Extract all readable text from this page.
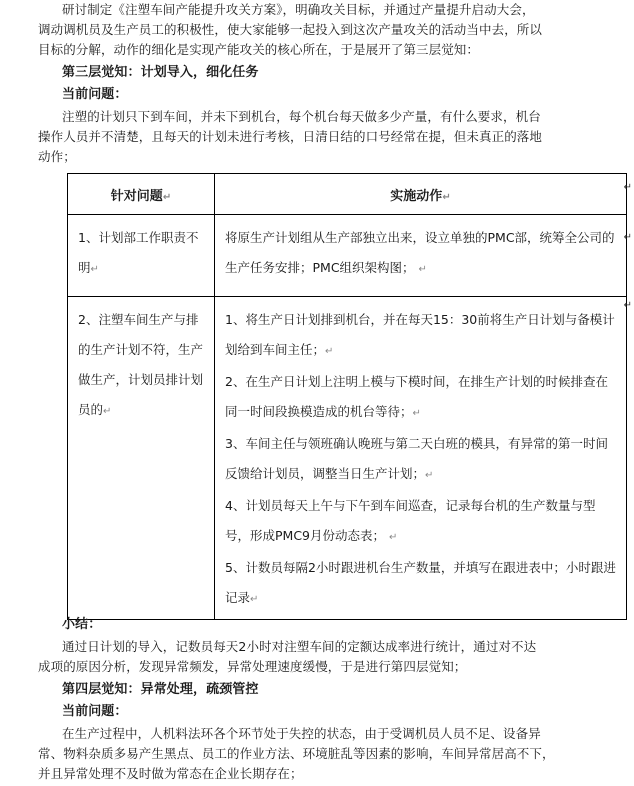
研讨制定《注塑车间产能提升攻关方案》，明确攻关目标，并通过产量提升启动大会，
调动调机员及生产员工的积极性，使大家能够一起投入到这次产量攻关的活动当中去，所以
目标的分解，动作的细化是实现产能攻关的核心所在，于是展开了第三层觉知：
第三层觉知：计划导入，细化任务
当前问题：
注塑的计划只下到车间，并未下到机台，每个机台每天做多少产量，有什么要求，机台
操作人员并不清楚，且每天的计划未进行考核，日清日结的口号经常在提，但未真正的落地
动作；
针对问题↵	实施动作↵

1、计划部工作职责不明↵	将原生产计划组从生产部独立出来，设立单独的PMC部，统筹全公司的生产任务安排；PMC组织架构图； ↵

2、注塑车间生产与排的生产计划不符，生产做生产，计划员排计划员的↵	1、将生产日计划排到机台，并在每天15：30前将生产日计划与备模计划给到车间主任；↵
2、在生产日计划上注明上模与下模时间，在排生产计划的时候排查在同一时间段换模造成的机台等待；↵
3、车间主任与领班确认晚班与第二天白班的模具，有异常的第一时间反馈给计划员，调整当日生产计划；↵
4、计划员每天上午与下午到车间巡查，记录每台机的生产数量与型号，形成PMC9月份动态表； ↵
5、计数员每隔2小时跟进机台生产数量，并填写在跟进表中；小时跟进记录↵
↵
↵
↵
小结：
通过日计划的导入，记数员每天2小时对注塑车间的定额达成率进行统计，通过对不达
成项的原因分析，发现异常频发，异常处理速度缓慢，于是进行第四层觉知；
第四层觉知：异常处理，疏颈管控
当前问题：
在生产过程中，人机料法环各个环节处于失控的状态，由于受调机员人员不足、设备异
常、物料杂质多易产生黑点、员工的作业方法、环境脏乱等因素的影响，车间异常居高不下，
并且异常处理不及时做为常态在企业长期存在；
